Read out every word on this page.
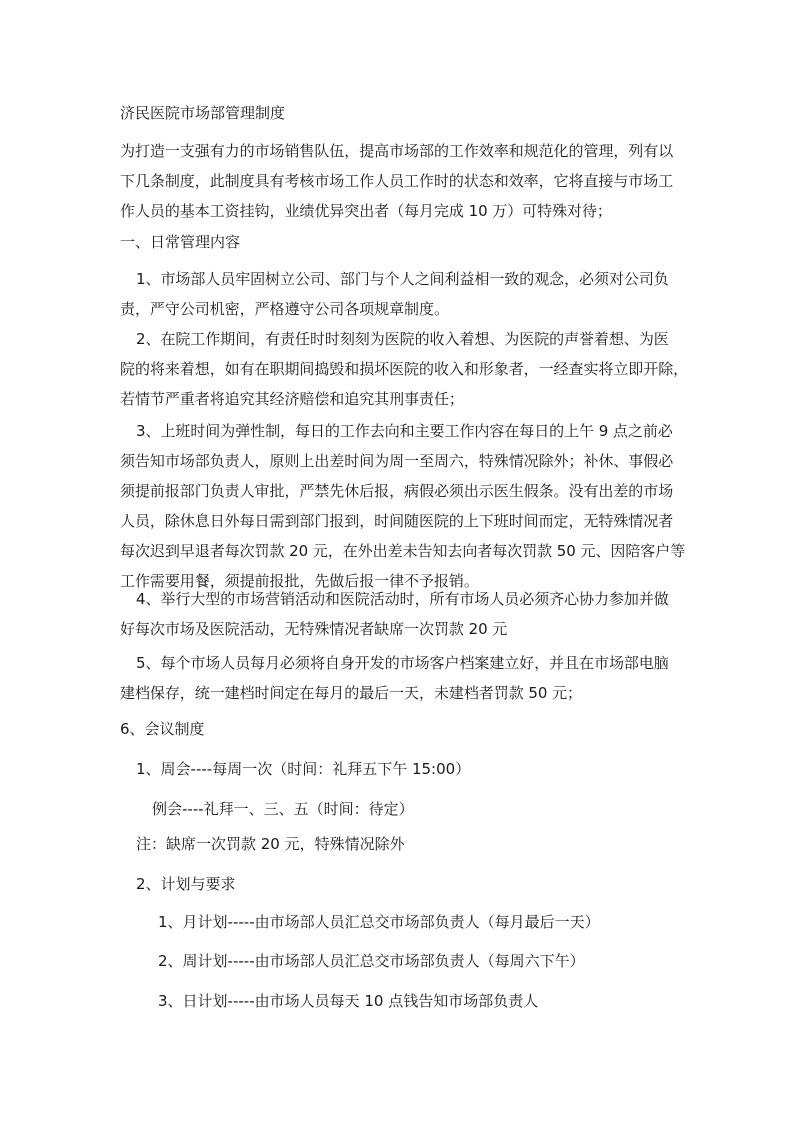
济民医院市场部管理制度
为打造一支强有力的市场销售队伍，提高市场部的工作效率和规范化的管理，列有以
下几条制度，此制度具有考核市场工作人员工作时的状态和效率，它将直接与市场工
作人员的基本工资挂钩，业绩优异突出者（每月完成 10 万）可特殊对待；
一、日常管理内容
1、市场部人员牢固树立公司、部门与个人之间利益相一致的观念，必须对公司负
责，严守公司机密，严格遵守公司各项规章制度。
2、在院工作期间，有责任时时刻刻为医院的收入着想、为医院的声誉着想、为医
院的将来着想，如有在职期间捣毁和损坏医院的收入和形象者，一经查实将立即开除，
若情节严重者将追究其经济赔偿和追究其刑事责任；
3、上班时间为弹性制，每日的工作去向和主要工作内容在每日的上午 9 点之前必
须告知市场部负责人，原则上出差时间为周一至周六，特殊情况除外；补休、事假必
须提前报部门负责人审批，严禁先休后报，病假必须出示医生假条。没有出差的市场
人员，除休息日外每日需到部门报到，时间随医院的上下班时间而定，无特殊情况者
每次迟到早退者每次罚款 20 元，在外出差未告知去向者每次罚款 50 元、因陪客户等
工作需要用餐，须提前报批，先做后报一律不予报销。
4、举行大型的市场营销活动和医院活动时，所有市场人员必须齐心协力参加并做
好每次市场及医院活动，无特殊情况者缺席一次罚款 20 元
5、每个市场人员每月必须将自身开发的市场客户档案建立好，并且在市场部电脑
建档保存，统一建档时间定在每月的最后一天，未建档者罚款 50 元；
6、会议制度
1、周会----每周一次（时间：礼拜五下午 15:00）
例会----礼拜一、三、五（时间：待定）
注：缺席一次罚款 20 元，特殊情况除外
2、计划与要求
1、月计划-----由市场部人员汇总交市场部负责人（每月最后一天）
2、周计划-----由市场部人员汇总交市场部负责人（每周六下午）
3、日计划-----由市场人员每天 10 点钱告知市场部负责人
